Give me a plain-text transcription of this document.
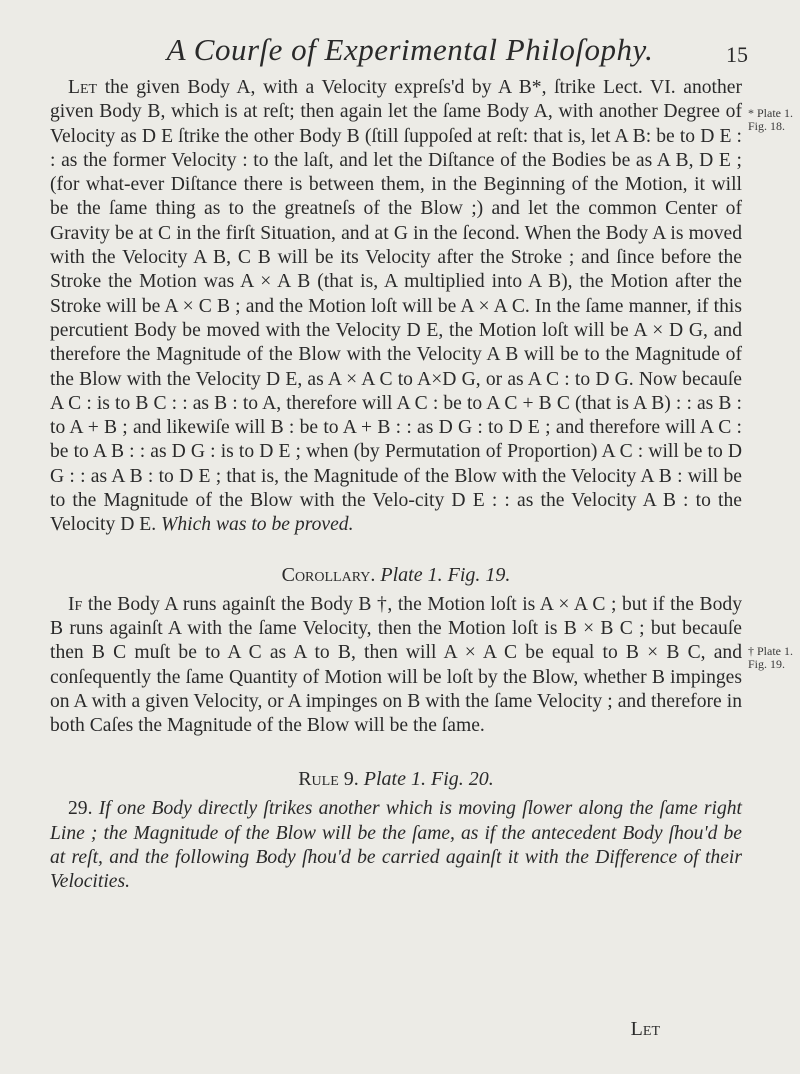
A Courſe of Experimental Philoſophy.	15

Let the given Body A, with a Velocity expreſs'd by A B*, ſtrike Lect. VI. another given Body B, which is at reſt; then again let the ſame Body A, with another Degree of Velocity as D E ſtrike the other Body B (ſtill ſuppoſed at reſt: that is, let A B: be to D E : : as the former Velocity : to the laſt, and let the Diſtance of the Bodies be as A B, D E ; (for what-ever Diſtance there is between them, in the Beginning of the Motion, it will be the ſame thing as to the greatneſs of the Blow ;) and let the common Center of Gravity be at C in the firſt Situation, and at G in the ſecond. When the Body A is moved with the Velocity A B, C B will be its Velocity after the Stroke ; and ſince before the Stroke the Motion was A × A B (that is, A multiplied into A B), the Motion after the Stroke will be A × C B ; and the Motion loſt will be A × A C. In the ſame manner, if this percutient Body be moved with the Velocity D E, the Motion loſt will be A × D G, and therefore the Magnitude of the Blow with the Velocity A B will be to the Magnitude of the Blow with the Velocity D E, as A × A C to A×D G, or as A C : to D G. Now becauſe A C : is to B C : : as B : to A, therefore will A C : be to A C + B C (that is A B) : : as B : to A + B ; and likewiſe will B : be to A + B : : as D G : to D E ; and therefore will A C : be to A B : : as D G : is to D E ; when (by Permutation of Proportion) A C : will be to D G : : as A B : to D E ; that is, the Magnitude of the Blow with the Velocity A B : will be to the Magnitude of the Blow with the Velo-city D E : : as the Velocity A B : to the Velocity D E. Which was to be proved.

Corollary. Plate 1. Fig. 19.

If the Body A runs againſt the Body B †, the Motion loſt is A × A C ; but if the Body B runs againſt A with the ſame Velocity, then the Motion loſt is B × B C ; but becauſe then B C muſt be to A C as A to B, then will A × A C be equal to B × B C, and conſequently the ſame Quantity of Motion will be loſt by the Blow, whether B impinges on A with a given Velocity, or A impinges on B with the ſame Velocity ; and therefore in both Caſes the Magnitude of the Blow will be the ſame.

Rule 9. Plate 1. Fig. 20.

29. If one Body directly ſtrikes another which is moving ſlower along the ſame right Line ; the Magnitude of the Blow will be the ſame, as if the antecedent Body ſhou'd be at reſt, and the following Body ſhou'd be carried againſt it with the Difference of their Velocities.

* Plate 1. Fig. 18.
† Plate 1. Fig. 19.
Let
